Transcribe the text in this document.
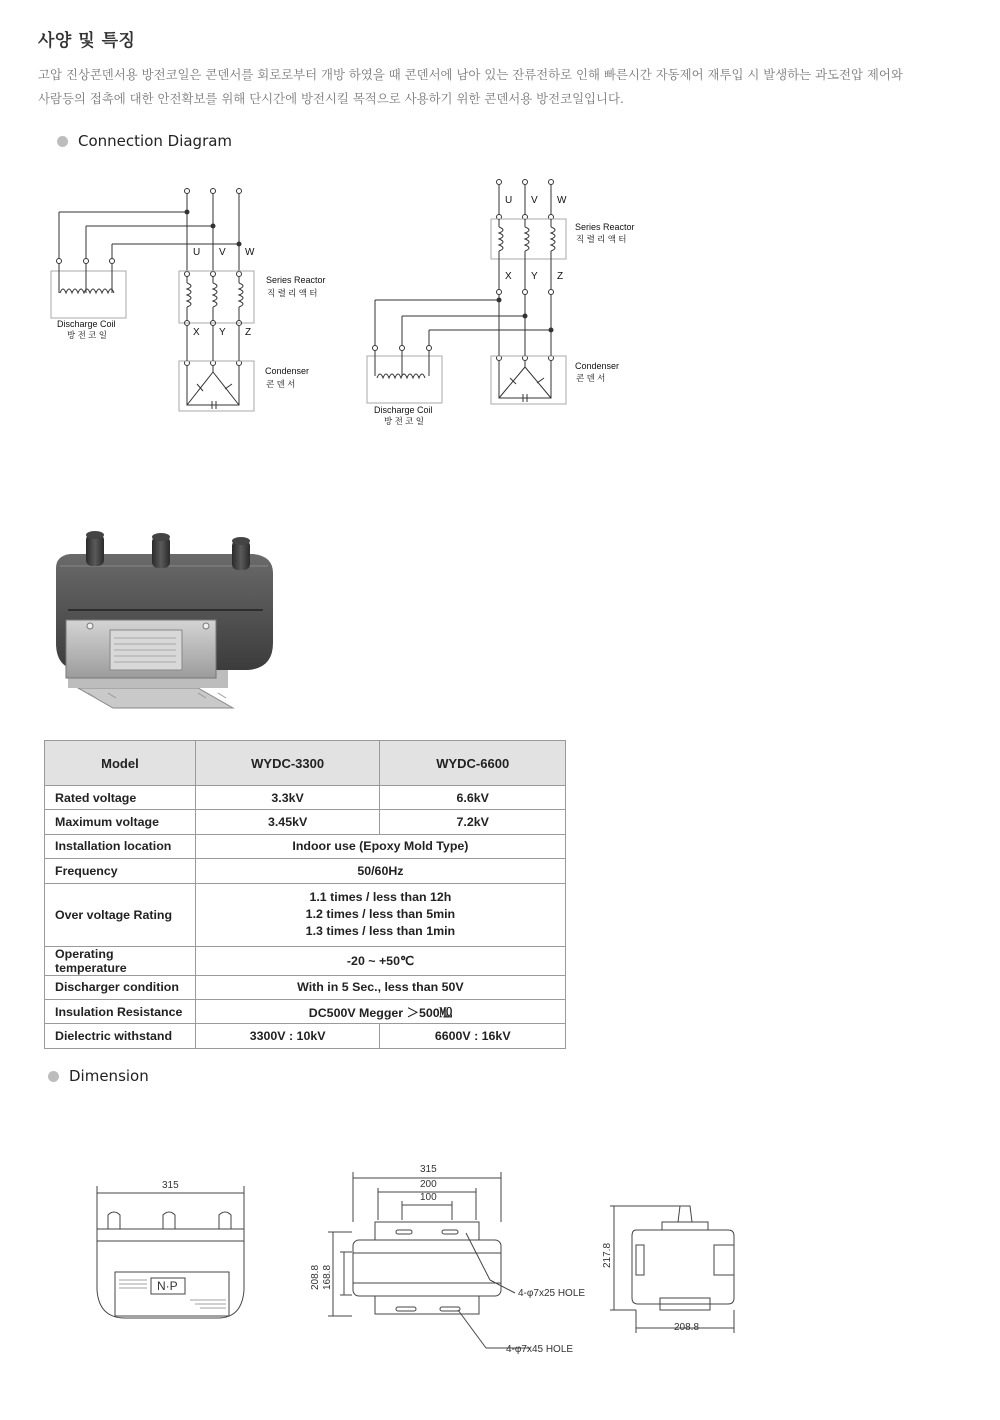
사양 및 특징
고압 진상콘덴서용 방전코일은 콘덴서를 회로로부터 개방 하였을 때 콘덴서에 남아 있는 잔류전하로 인해 빠른시간 자동제어 재투입 시 발생하는 과도전압 제어와
사람등의 접촉에 대한 안전확보를 위해 단시간에 방전시킬 목적으로 사용하기 위한 콘덴서용 방전코일입니다.
Connection Diagram
U V W
X Y Z
Series Reactor
직 렬 리 액 터
Condenser
콘 덴 서
Discharge Coil
방 전 코 일
U V W
X Y Z
Series Reactor
직 렬 리 액 터
Condenser
콘 덴 서
Discharge Coil
방 전 코 일
Model	WYDC-3300	WYDC-6600
Rated voltage	3.3kV	6.6kV
Maximum voltage	3.45kV	7.2kV
Installation location	Indoor use (Epoxy Mold Type)	
Frequency	50/60Hz	
Over voltage Rating	1.1 times / less than 12h
1.2 times / less than 5min
1.3 times / less than 1min	

Operating temperature	-20 ~ +50℃	
Discharger condition	With in 5 Sec., less than 50V	
Insulation Resistance	DC500V Megger ＞500㏁	
Dielectric withstand	3300V : 10kV	6600V : 16kV
Dimension
315
N·P
315
200
100
208.8 168.8
4-φ7x25 HOLE
4-φ7x45 HOLE
217.8
208.8
